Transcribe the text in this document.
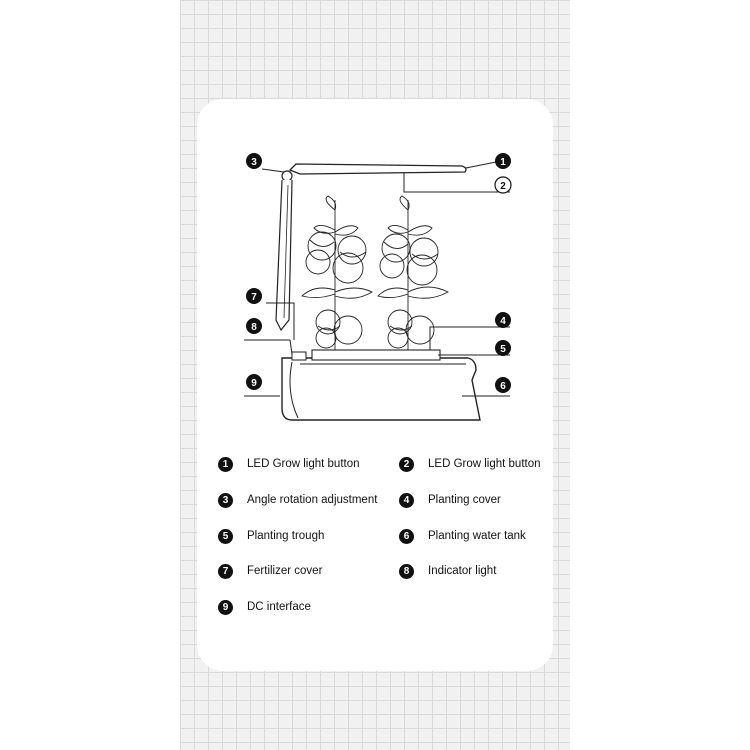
1
2
3
4
5
6
7
8
9
1	LED Grow light button	2	LED Grow light button
3	Angle rotation adjustment	4	Planting cover
5	Planting trough	6	Planting water tank
7	Fertilizer cover	8	Indicator light
9	DC interface
